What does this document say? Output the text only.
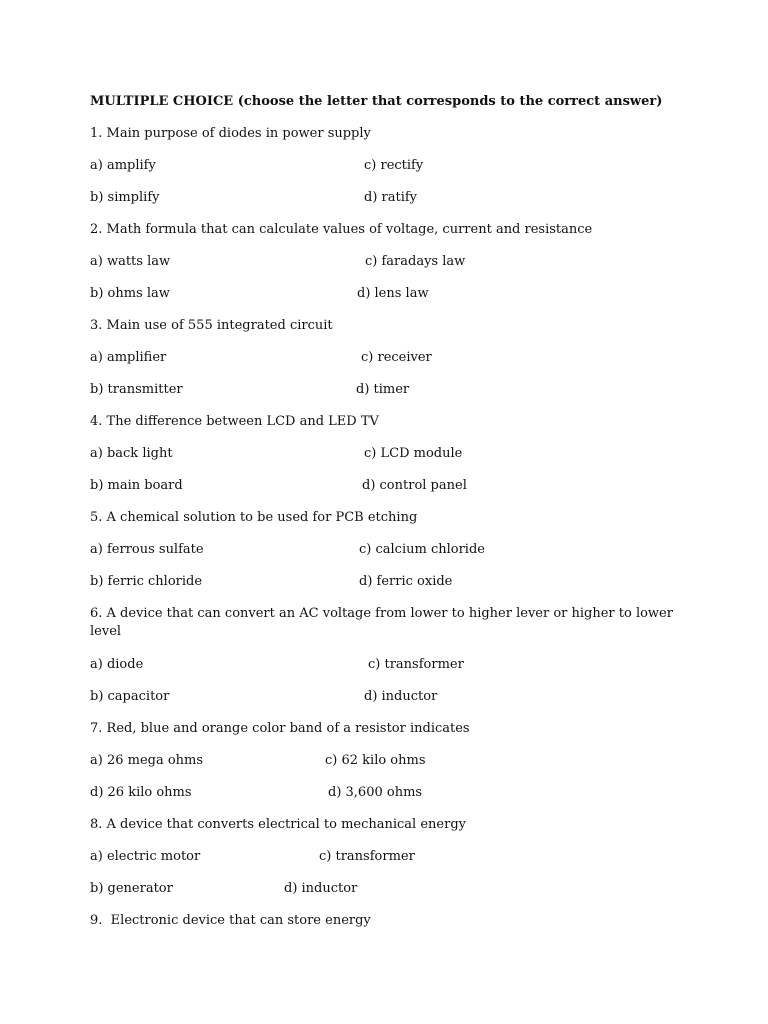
MULTIPLE CHOICE (choose the letter that corresponds to the correct answer)
1. Main purpose of diodes in power supply
a) amplify	c) rectify
b) simplify	d) ratify
2. Math formula that can calculate values of voltage, current and resistance
a) watts law	c) faradays law
b) ohms law	d) lens law
3. Main use of 555 integrated circuit
a) amplifier	c) receiver
b) transmitter	d) timer
4. The difference between LCD and LED TV
a) back light	c) LCD module
b) main board	d) control panel
5. A chemical solution to be used for PCB etching
a) ferrous sulfate	c) calcium chloride
b) ferric chloride	d) ferric oxide
6. A device that can convert an AC voltage from lower to higher lever or higher to lower level
a) diode	c) transformer
b) capacitor	d) inductor
7. Red, blue and orange color band of a resistor indicates
a) 26 mega ohms	c) 62 kilo ohms
d) 26 kilo ohms	d) 3,600 ohms
8. A device that converts electrical to mechanical energy
a) electric motor	c) transformer
b) generator	d) inductor
9.  Electronic device that can store energy
